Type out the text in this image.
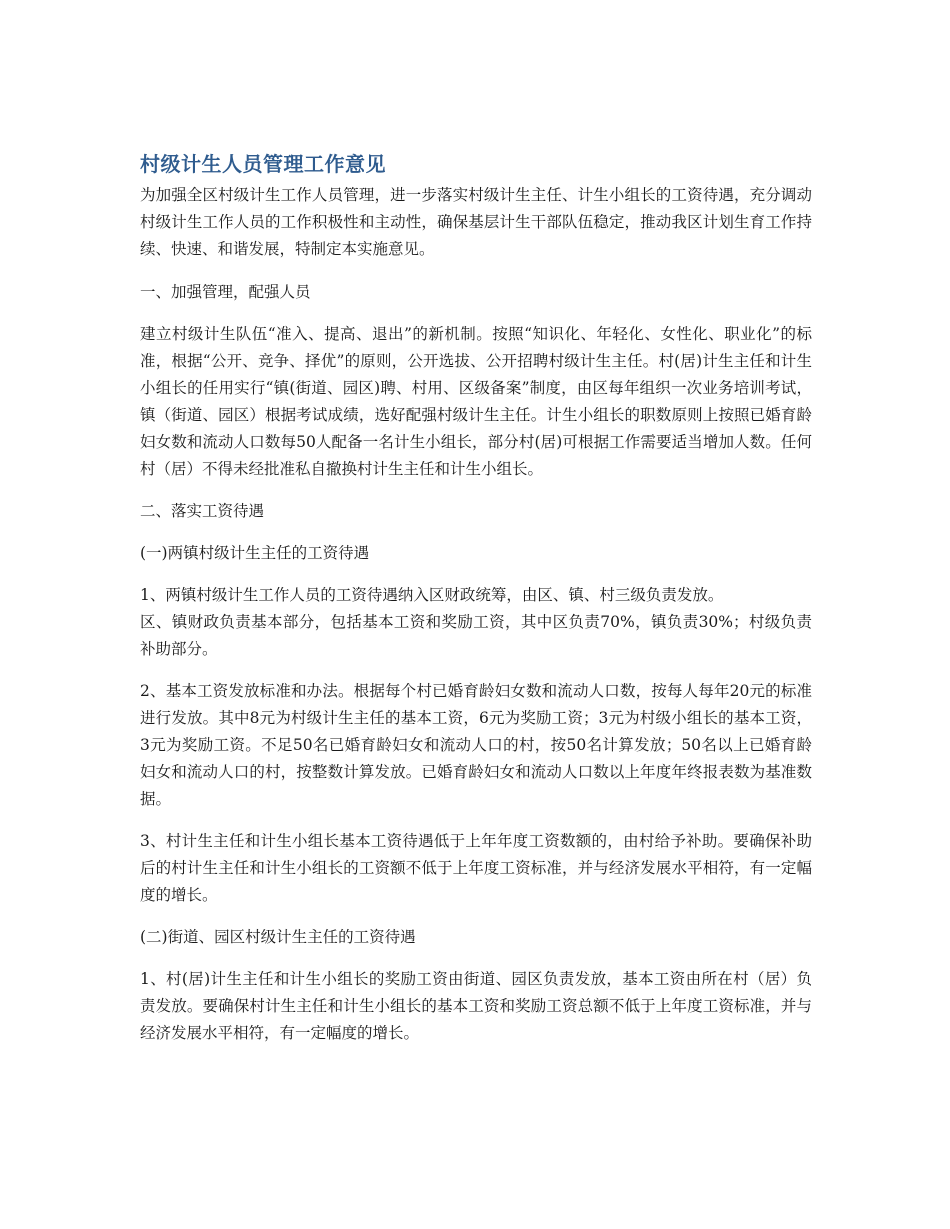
村级计生人员管理工作意见

为加强全区村级计生工作人员管理，进一步落实村级计生主任、计生小组长的工资待遇，充分调动村级计生工作人员的工作积极性和主动性，确保基层计生干部队伍稳定，推动我区计划生育工作持续、快速、和谐发展，特制定本实施意见。

一、加强管理，配强人员

建立村级计生队伍“准入、提高、退出”的新机制。按照“知识化、年轻化、女性化、职业化”的标准，根据“公开、竞争、择优”的原则，公开选拔、公开招聘村级计生主任。村(居)计生主任和计生小组长的任用实行“镇(街道、园区)聘、村用、区级备案”制度，由区每年组织一次业务培训考试，镇（街道、园区）根据考试成绩，选好配强村级计生主任。计生小组长的职数原则上按照已婚育龄妇女数和流动人口数每50人配备一名计生小组长，部分村(居)可根据工作需要适当增加人数。任何村（居）不得未经批准私自撤换村计生主任和计生小组长。

二、落实工资待遇

(一)两镇村级计生主任的工资待遇

1、两镇村级计生工作人员的工资待遇纳入区财政统筹，由区、镇、村三级负责发放。
区、镇财政负责基本部分，包括基本工资和奖励工资，其中区负责70%，镇负责30%；村级负责补助部分。

2、基本工资发放标准和办法。根据每个村已婚育龄妇女数和流动人口数，按每人每年20元的标准进行发放。其中8元为村级计生主任的基本工资，6元为奖励工资；3元为村级小组长的基本工资，3元为奖励工资。不足50名已婚育龄妇女和流动人口的村，按50名计算发放；50名以上已婚育龄妇女和流动人口的村，按整数计算发放。已婚育龄妇女和流动人口数以上年度年终报表数为基准数据。

3、村计生主任和计生小组长基本工资待遇低于上年年度工资数额的，由村给予补助。要确保补助后的村计生主任和计生小组长的工资额不低于上年度工资标准，并与经济发展水平相符，有一定幅度的增长。

(二)街道、园区村级计生主任的工资待遇

1、村(居)计生主任和计生小组长的奖励工资由街道、园区负责发放，基本工资由所在村（居）负责发放。要确保村计生主任和计生小组长的基本工资和奖励工资总额不低于上年度工资标准，并与经济发展水平相符，有一定幅度的增长。
